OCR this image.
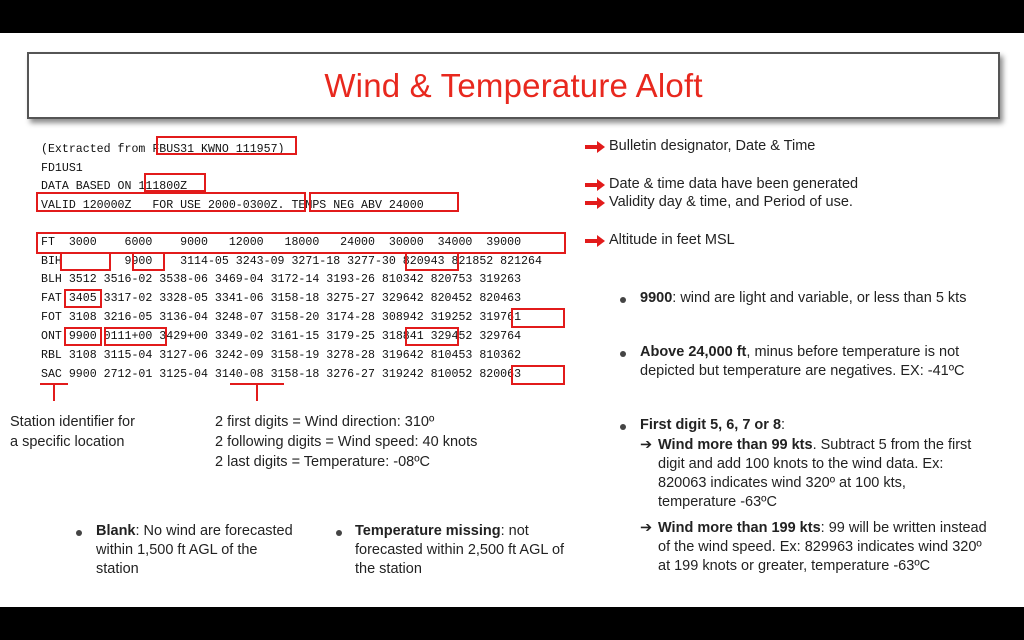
Wind & Temperature Aloft
(Extracted from FBUS31 KWNO 111957)
FD1US1
DATA BASED ON 111800Z
VALID 120000Z   FOR USE 2000-0300Z. TEMPS NEG ABV 24000
FT  3000    6000    9000   12000   18000   24000  30000  34000  39000
BIH         9900    3114-05 3243-09 3271-18 3277-30 820943 821852 821264
BLH 3512 3516-02 3538-06 3469-04 3172-14 3193-26 810342 820753 319263
FAT 3405 3317-02 3328-05 3341-06 3158-18 3275-27 329642 820452 820463
FOT 3108 3216-05 3136-04 3248-07 3158-20 3174-28 308942 319252 319761
ONT 9900 0111+00 3429+00 3349-02 3161-15 3179-25 318841 329452 329764
RBL 3108 3115-04 3127-06 3242-09 3158-19 3278-28 319642 810453 810362
SAC 9900 2712-01 3125-04 3140-08 3158-18 3276-27 319242 810052 820063
Bulletin designator, Date & Time
Date & time data have been generated
Validity day & time, and Period of use.
Altitude in feet MSL
Station identifier for
a specific location
2 first digits = Wind direction: 310º
2 following digits = Wind speed: 40 knots
2 last digits = Temperature: -08ºC
Blank: No wind are forecasted within 1,500 ft AGL of the station
Temperature missing: not forecasted within 2,500 ft AGL of the station
9900: wind are light and variable, or less than 5 kts
Above 24,000 ft, minus before temperature is not depicted but temperature are negatives. EX: -41ºC
First digit 5, 6, 7 or 8:
➔ Wind more than 99 kts. Subtract 5 from the first digit and add 100 knots to the wind data. Ex: 820063 indicates wind 320º at 100 kts, temperature -63ºC
➔ Wind more than 199 kts: 99 will be written instead of the wind speed. Ex: 829963 indicates wind 320º at 199 knots or greater, temperature -63ºC
